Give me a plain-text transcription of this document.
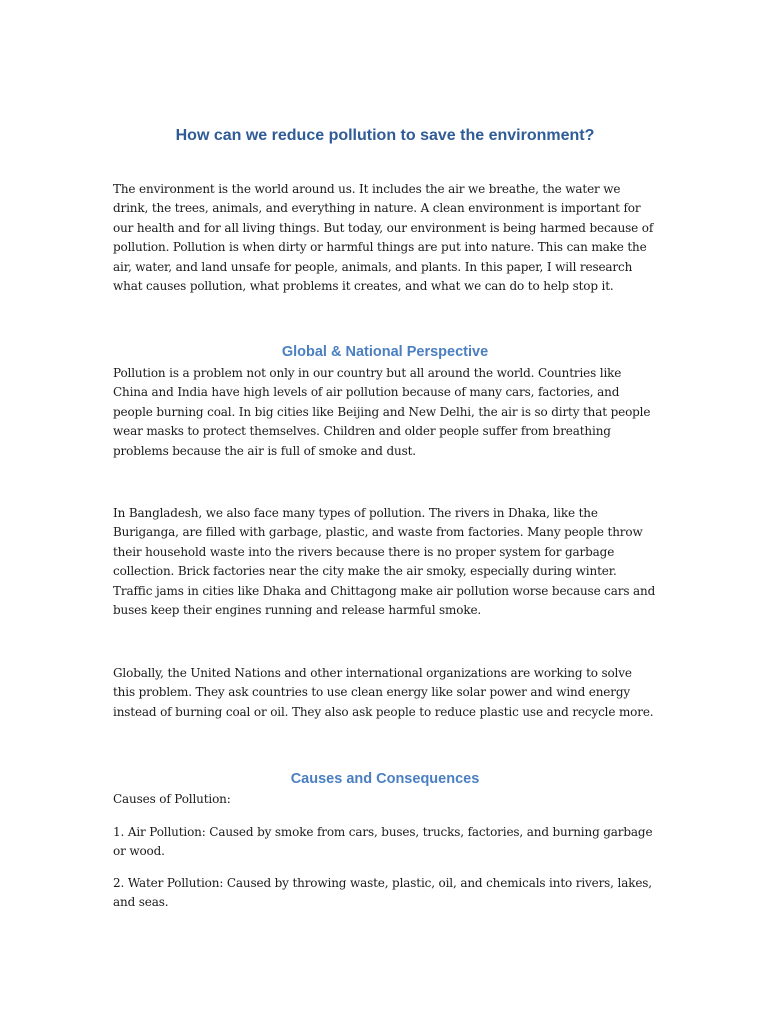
How can we reduce pollution to save the environment?

The environment is the world around us. It includes the air we breathe, the water we drink, the trees, animals, and everything in nature. A clean environment is important for our health and for all living things. But today, our environment is being harmed because of pollution. Pollution is when dirty or harmful things are put into nature. This can make the air, water, and land unsafe for people, animals, and plants. In this paper, I will research what causes pollution, what problems it creates, and what we can do to help stop it.

Global & National Perspective

Pollution is a problem not only in our country but all around the world. Countries like China and India have high levels of air pollution because of many cars, factories, and people burning coal. In big cities like Beijing and New Delhi, the air is so dirty that people wear masks to protect themselves. Children and older people suffer from breathing problems because the air is full of smoke and dust.

In Bangladesh, we also face many types of pollution. The rivers in Dhaka, like the Buriganga, are filled with garbage, plastic, and waste from factories. Many people throw their household waste into the rivers because there is no proper system for garbage collection. Brick factories near the city make the air smoky, especially during winter. Traffic jams in cities like Dhaka and Chittagong make air pollution worse because cars and buses keep their engines running and release harmful smoke.

Globally, the United Nations and other international organizations are working to solve this problem. They ask countries to use clean energy like solar power and wind energy instead of burning coal or oil. They also ask people to reduce plastic use and recycle more.

Causes and Consequences

Causes of Pollution:

1. Air Pollution: Caused by smoke from cars, buses, trucks, factories, and burning garbage or wood.

2. Water Pollution: Caused by throwing waste, plastic, oil, and chemicals into rivers, lakes, and seas.
